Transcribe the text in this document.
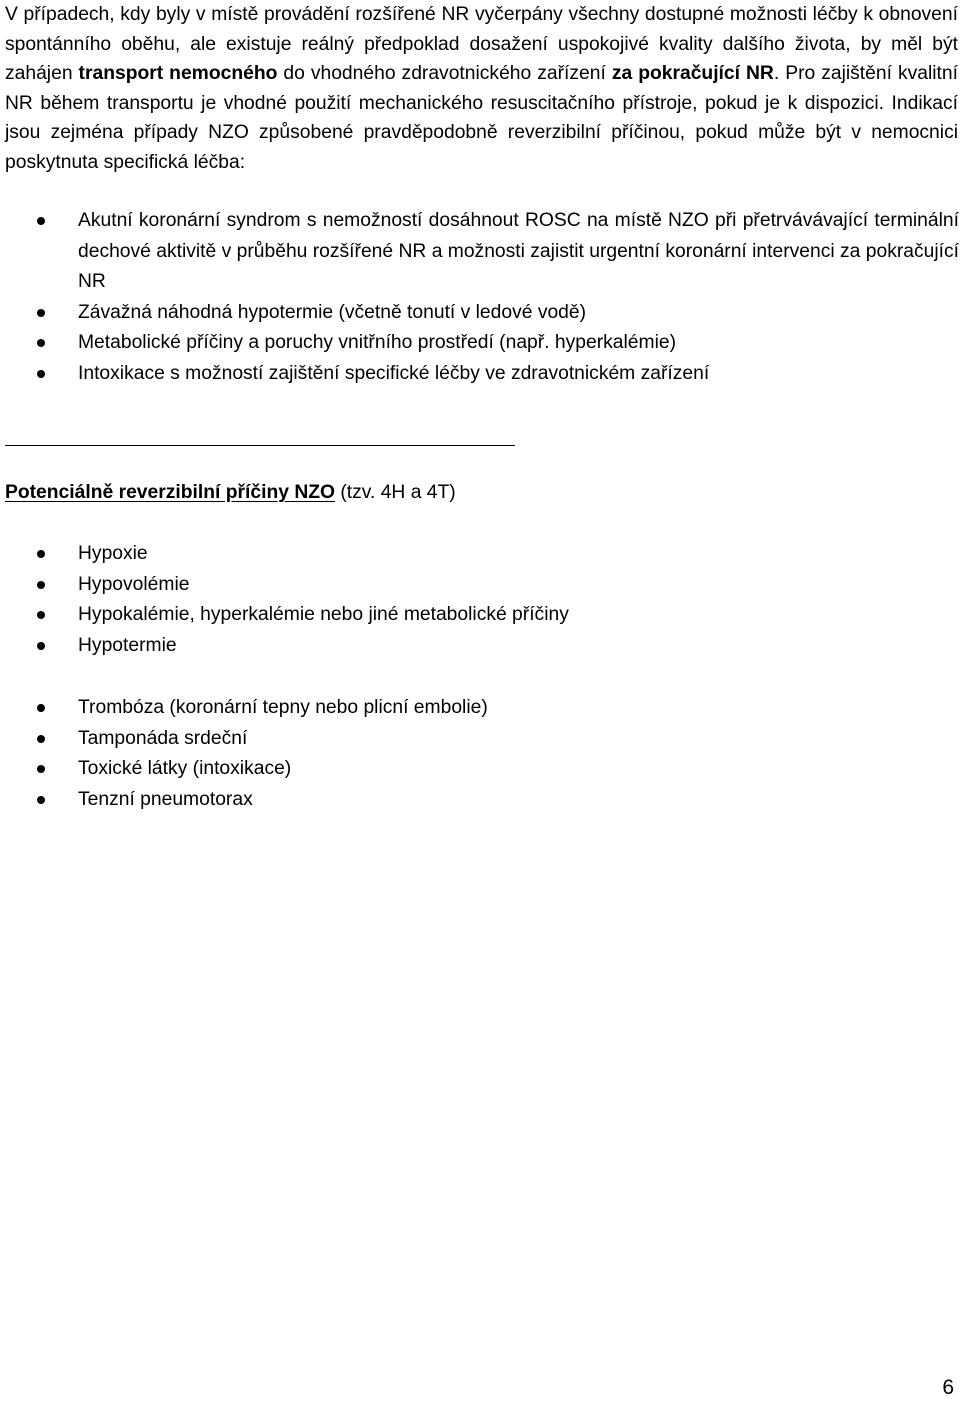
V případech, kdy byly v místě provádění rozšířené NR vyčerpány všechny dostupné možnosti léčby k obnovení spontánního oběhu, ale existuje reálný předpoklad dosažení uspokojivé kvality dalšího života, by měl být zahájen transport nemocného do vhodného zdravotnického zařízení za pokračující NR. Pro zajištění kvalitní NR během transportu je vhodné použití mechanického resuscitačního přístroje, pokud je k dispozici. Indikací jsou zejména případy NZO způsobené pravděpodobně reverzibilní příčinou, pokud může být v nemocnici poskytnuta specifická léčba:

Akutní koronární syndrom s nemožností dosáhnout ROSC na místě NZO při přetrvávávající terminální dechové aktivitě v průběhu rozšířené NR a možnosti zajistit urgentní koronární intervenci za pokračující NR
Závažná náhodná hypotermie (včetně tonutí v ledové vodě)
Metabolické příčiny a poruchy vnitřního prostředí (např. hyperkalémie)
Intoxikace s možností zajištění specifické léčby ve zdravotnickém zařízení
Potenciálně reverzibilní příčiny NZO (tzv. 4H a 4T)
Hypoxie
Hypovolémie
Hypokalémie, hyperkalémie nebo jiné metabolické příčiny
Hypotermie
Trombóza (koronární tepny nebo plicní embolie)
Tamponáda srdeční
Toxické látky (intoxikace)
Tenzní pneumotorax
6
